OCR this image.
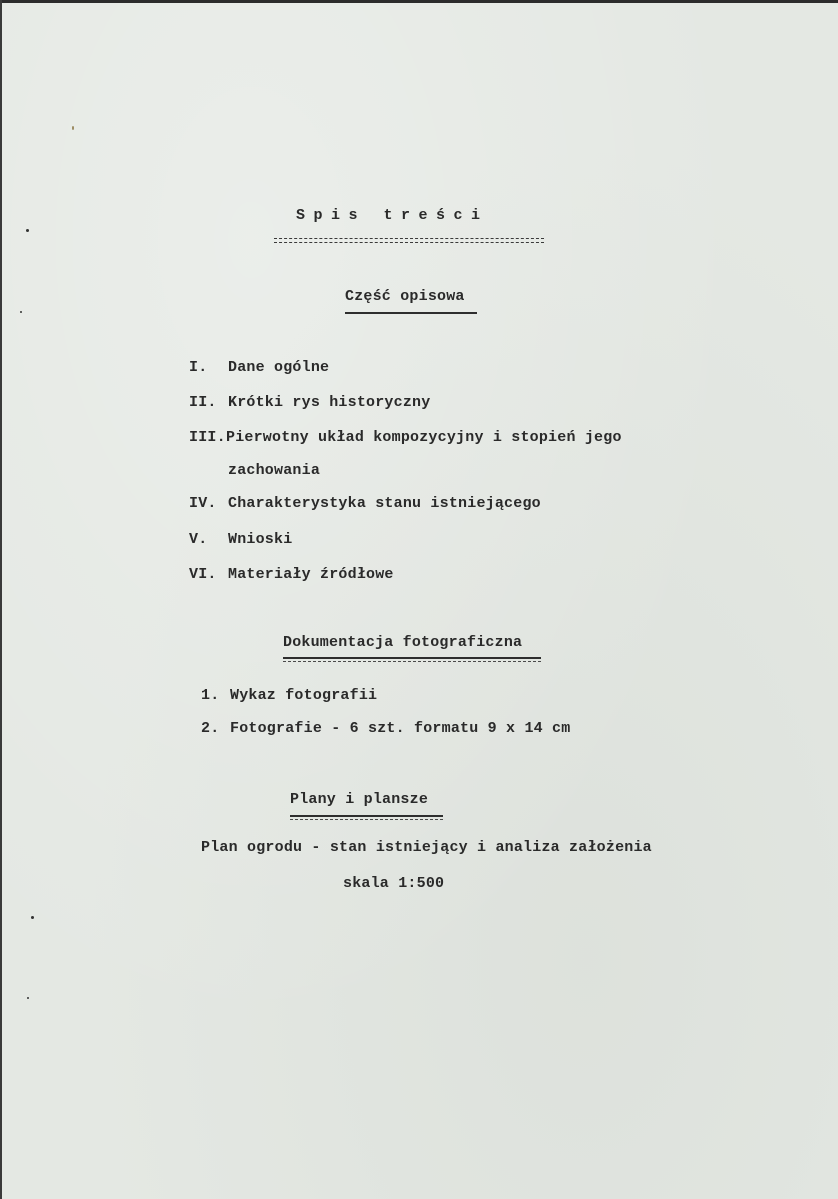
Spis treści
Część opisowa
I. Dane ogólne
II. Krótki rys historyczny
III. Pierwotny układ kompozycyjny i stopień jego
zachowania
IV. Charakterystyka stanu istniejącego
V. Wnioski
VI. Materiały źródłowe
Dokumentacja fotograficzna
1. Wykaz fotografii
2. Fotografie - 6 szt. formatu 9 x 14 cm
Plany i plansze
Plan ogrodu - stan istniejący i analiza założenia
skala 1:500
